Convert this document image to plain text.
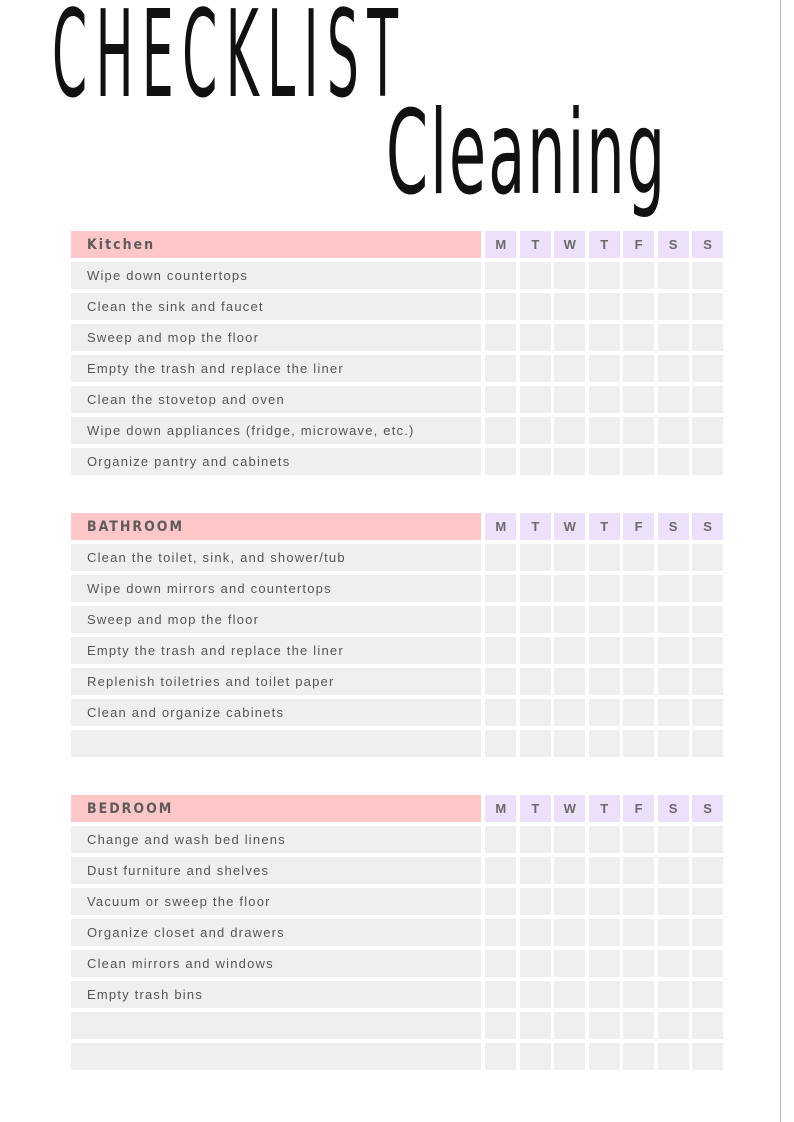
CHECKLIST
Cleaning
Kitchen	M	T	W	T	F	S	S
Wipe down countertops
Clean the sink and faucet
Sweep and mop the floor
Empty the trash and replace the liner
Clean the stovetop and oven
Wipe down appliances (fridge, microwave, etc.)
Organize pantry and cabinets
BATHROOM	M	T	W	T	F	S	S
Clean the toilet, sink, and shower/tub
Wipe down mirrors and countertops
Sweep and mop the floor
Empty the trash and replace the liner
Replenish toiletries and toilet paper
Clean and organize cabinets
BEDROOM	M	T	W	T	F	S	S
Change and wash bed linens
Dust furniture and shelves
Vacuum or sweep the floor
Organize closet and drawers
Clean mirrors and windows
Empty trash bins
